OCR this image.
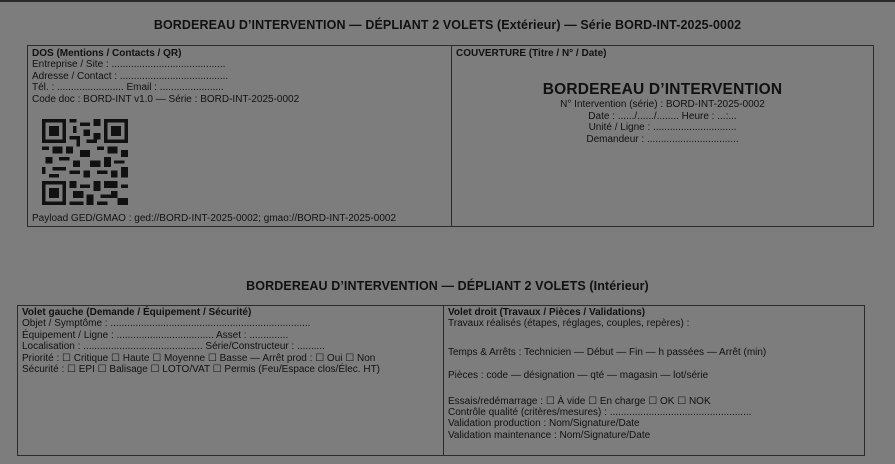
BORDEREAU D’INTERVENTION — DÉPLIANT 2 VOLETS (Extérieur) — Série BORD-INT-2025-0002
DOS (Mentions / Contacts / QR)
Entreprise / Site : .........................................
Adresse / Contact : .......................................
Tél. : ........................ Email : .......................
Code doc : BORD-INT v1.0 — Série : BORD-INT-2025-0002
Payload GED/GMAO : ged://BORD-INT-2025-0002; gmao://BORD-INT-2025-0002
COUVERTURE (Titre / N° / Date)
BORDEREAU D’INTERVENTION
N° Intervention (série) : BORD-INT-2025-0002
Date : ....../....../........ Heure : ...:...
Unité / Ligne : ..............................
Demandeur : .................................
BORDEREAU D’INTERVENTION — DÉPLIANT 2 VOLETS (Intérieur)
Volet gauche (Demande / Équipement / Sécurité)
Objet / Symptôme : ........................................................................
Équipement / Ligne : ................................... Asset : ..............
Localisation : ........................................... Série/Constructeur : ..........
Priorité : ☐ Critique ☐ Haute ☐ Moyenne ☐ Basse — Arrêt prod : ☐ Oui ☐ Non
Sécurité : ☐ EPI ☐ Balisage ☐ LOTO/VAT ☐ Permis (Feu/Espace clos/Élec. HT)
Volet droit (Travaux / Pièces / Validations)
Travaux réalisés (étapes, réglages, couples, repères) :
Temps & Arrêts : Technicien — Début — Fin — h passées — Arrêt (min)
Pièces : code — désignation — qté — magasin — lot/série
Essais/redémarrage : ☐ À vide ☐ En charge ☐ OK ☐ NOK
Contrôle qualité (critères/mesures) : ...................................................
Validation production : Nom/Signature/Date
Validation maintenance : Nom/Signature/Date
